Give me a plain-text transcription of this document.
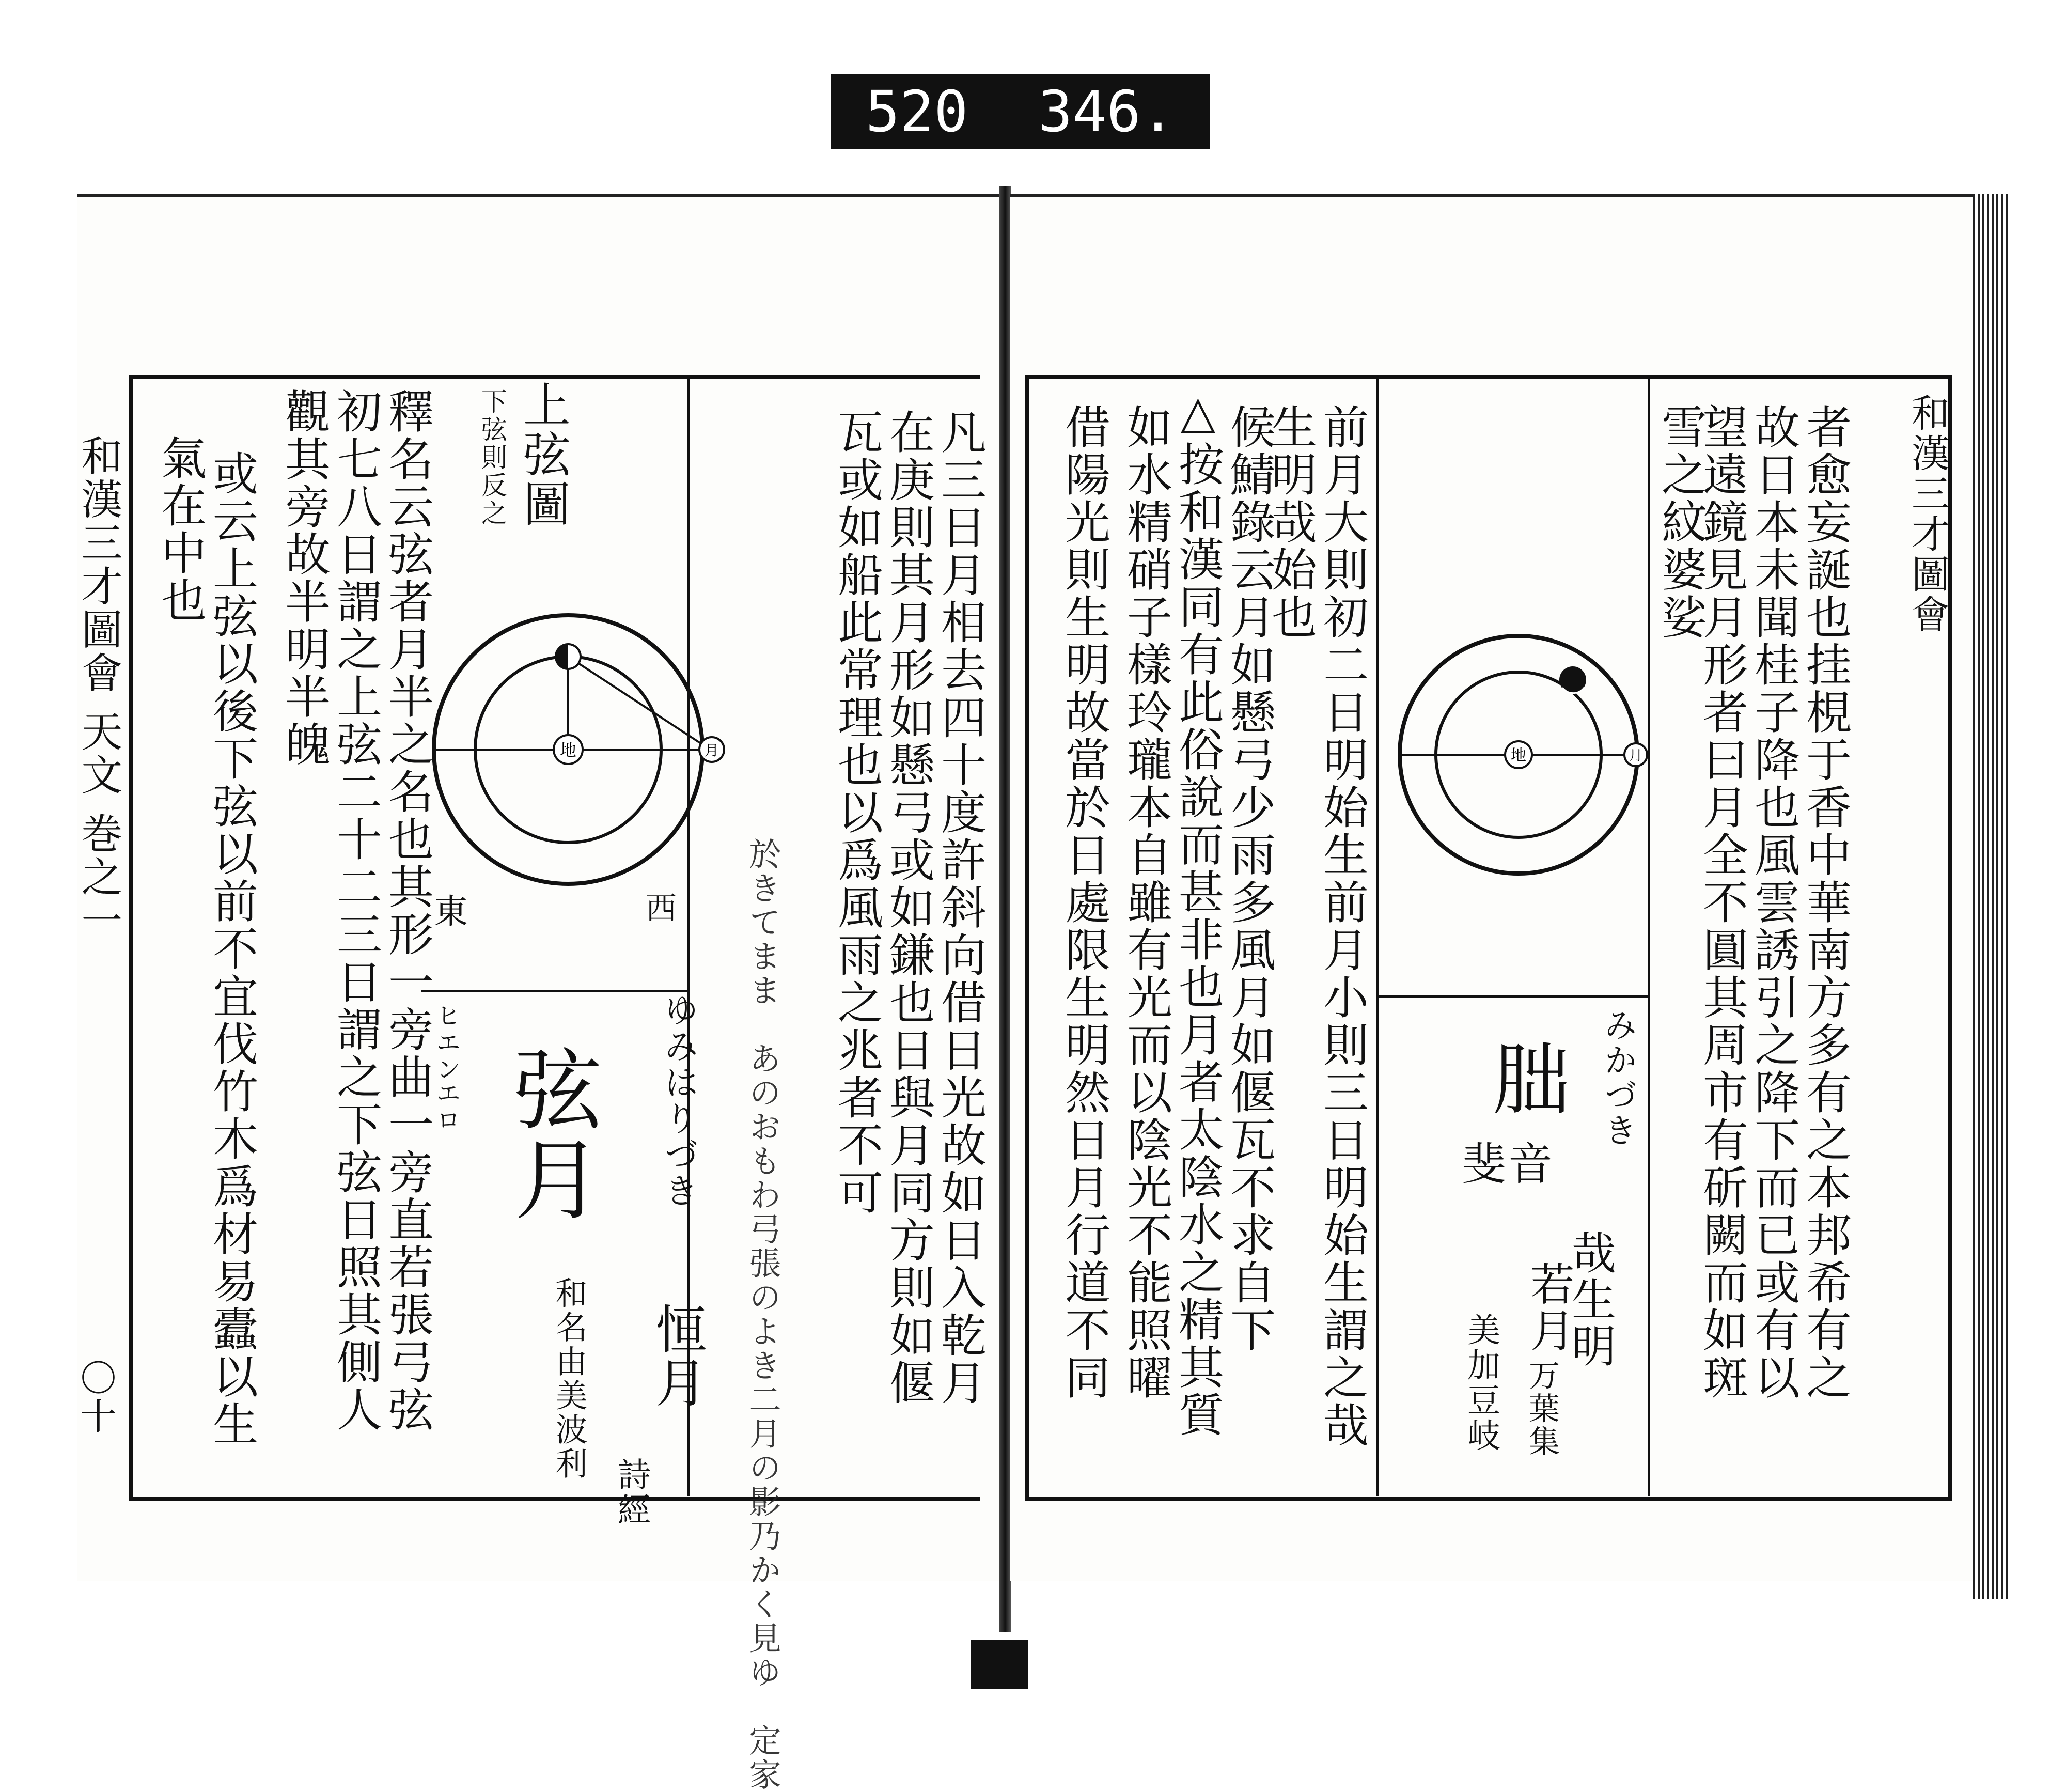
520 346.
和漢三才圖會 天文 巻之一
〇十	凡三日月相去四十度許斜向借日光故如日入乾月
在庚則其月形如懸弓或如鎌也日與月同方則如偃
瓦或如船此常理也以爲風雨之兆者不可
於きてまま　あのおもわ弓張のよき二月の影乃かく見ゆ　定家
ゆみはりづき
恒月
詩經
弦月
和名由美波利
ヒエン
エロ
上弦圖
下弦則反之
地	月
東	西
釋名云弦者月半之名也其形一旁曲一旁直若張弓弦
初七八日謂之上弦二十二三日謂之下弦日照其側人
觀其旁故半明半魄
或云上弦以後下弦以前不宜伐竹木爲材易蠹以生
氣在中也	和漢三才圖會
者愈妄誕也挂梘于香中華南方多有之本邦希有之
故日本未聞桂子降也風雲誘引之降下而已或有以
望遠鏡見月形者曰月全不圓其周市有斫闕而如斑
雪之紋婆娑
地	月
みかづき
朏
斐音
哉生明
若月
万葉集
美加豆岐
前月大則初二日明始生前月小則三日明始生謂之哉
生明哉始也
候鯖錄云月如懸弓少雨多風月如偃瓦不求自下
△按和漢同有此俗說而甚非也月者太陰水之精其質
如水精硝子樣玲瓏本自雖有光而以陰光不能照曜
借陽光則生明故當於日處限生明然日月行道不同
